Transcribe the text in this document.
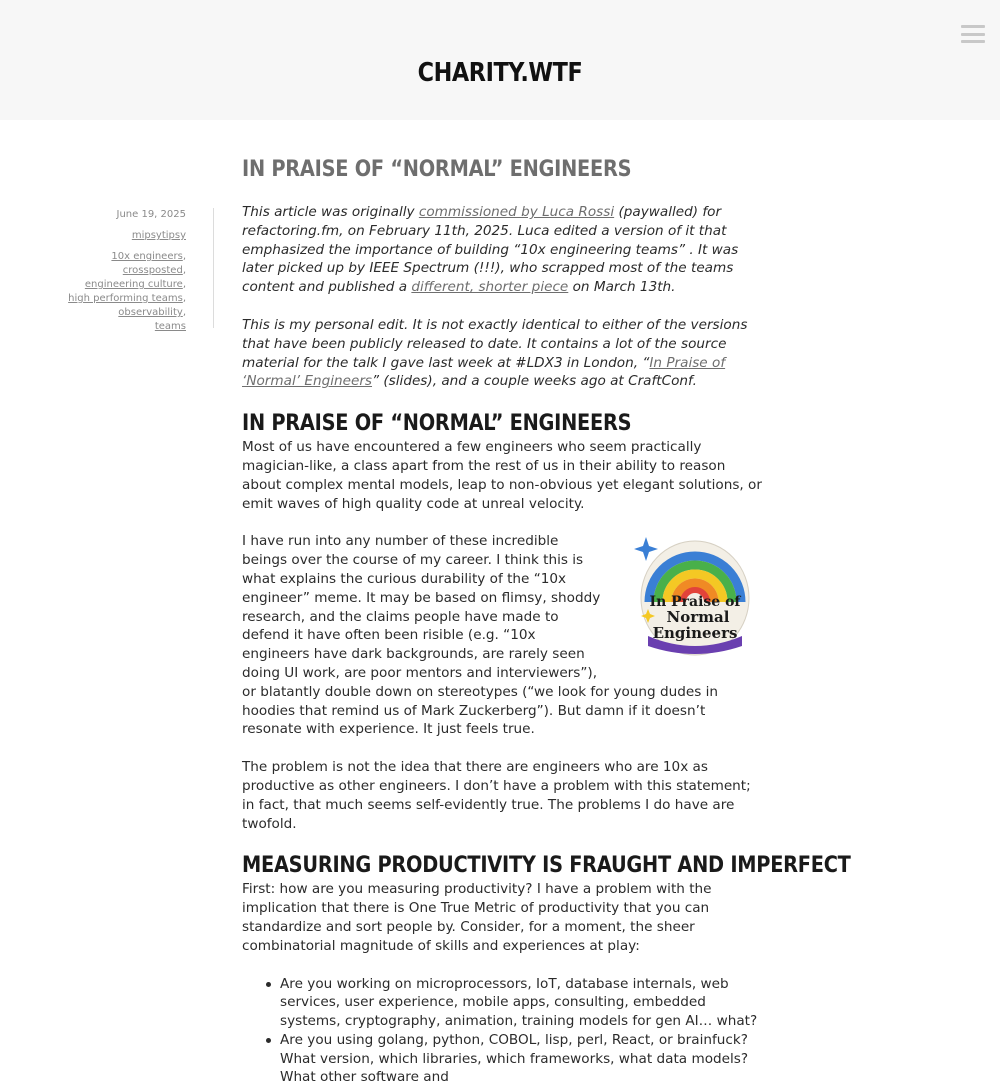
CHARITY.WTF
June 19, 2025
mipsytipsy
10x engineers,
crossposted, engineering culture, high performing teams, observability,
teams
IN PRAISE OF “NORMAL” ENGINEERS

This article was originally commissioned by Luca Rossi (paywalled) for refactoring.fm, on February 11th, 2025. Luca edited a version of it that emphasized the importance of building “10x engineering teams” . It was later picked up by IEEE Spectrum (!!!), who scrapped most of the teams content and published a different, shorter piece on March 13th.

This is my personal edit. It is not exactly identical to either of the versions that have been publicly released to date. It contains a lot of the source material for the talk I gave last week at #LDX3 in London, “In Praise of ‘Normal’ Engineers” (slides), and a couple weeks ago at CraftConf.

IN PRAISE OF “NORMAL” ENGINEERS

Most of us have encountered a few engineers who seem practically magician-like, a class apart from the rest of us in their ability to reason about complex mental models, leap to non-obvious yet elegant solutions, or emit waves of high quality code at unreal velocity.

In Praise of
Normal
Engineers

I have run into any number of these incredible beings over the course of my career. I think this is what explains the curious durability of the “10x engineer” meme. It may be based on flimsy, shoddy research, and the claims people have made to defend it have often been risible (e.g. “10x engineers have dark backgrounds, are rarely seen doing UI work, are poor mentors and interviewers”), or blatantly double down on stereotypes (“we look for young dudes in hoodies that remind us of Mark Zuckerberg”). But damn if it doesn’t resonate with experience. It just feels true.

The problem is not the idea that there are engineers who are 10x as productive as other engineers. I don’t have a problem with this statement; in fact, that much seems self-evidently true. The problems I do have are twofold.

MEASURING PRODUCTIVITY IS FRAUGHT AND IMPERFECT

First: how are you measuring productivity? I have a problem with the implication that there is One True Metric of productivity that you can standardize and sort people by. Consider, for a moment, the sheer combinatorial magnitude of skills and experiences at play:

Are you working on microprocessors, IoT, database internals, web services, user experience, mobile apps, consulting, embedded systems, cryptography, animation, training models for gen AI… what?
Are you using golang, python, COBOL, lisp, perl, React, or brainfuck? What version, which libraries, which frameworks, what data models? What other software and
